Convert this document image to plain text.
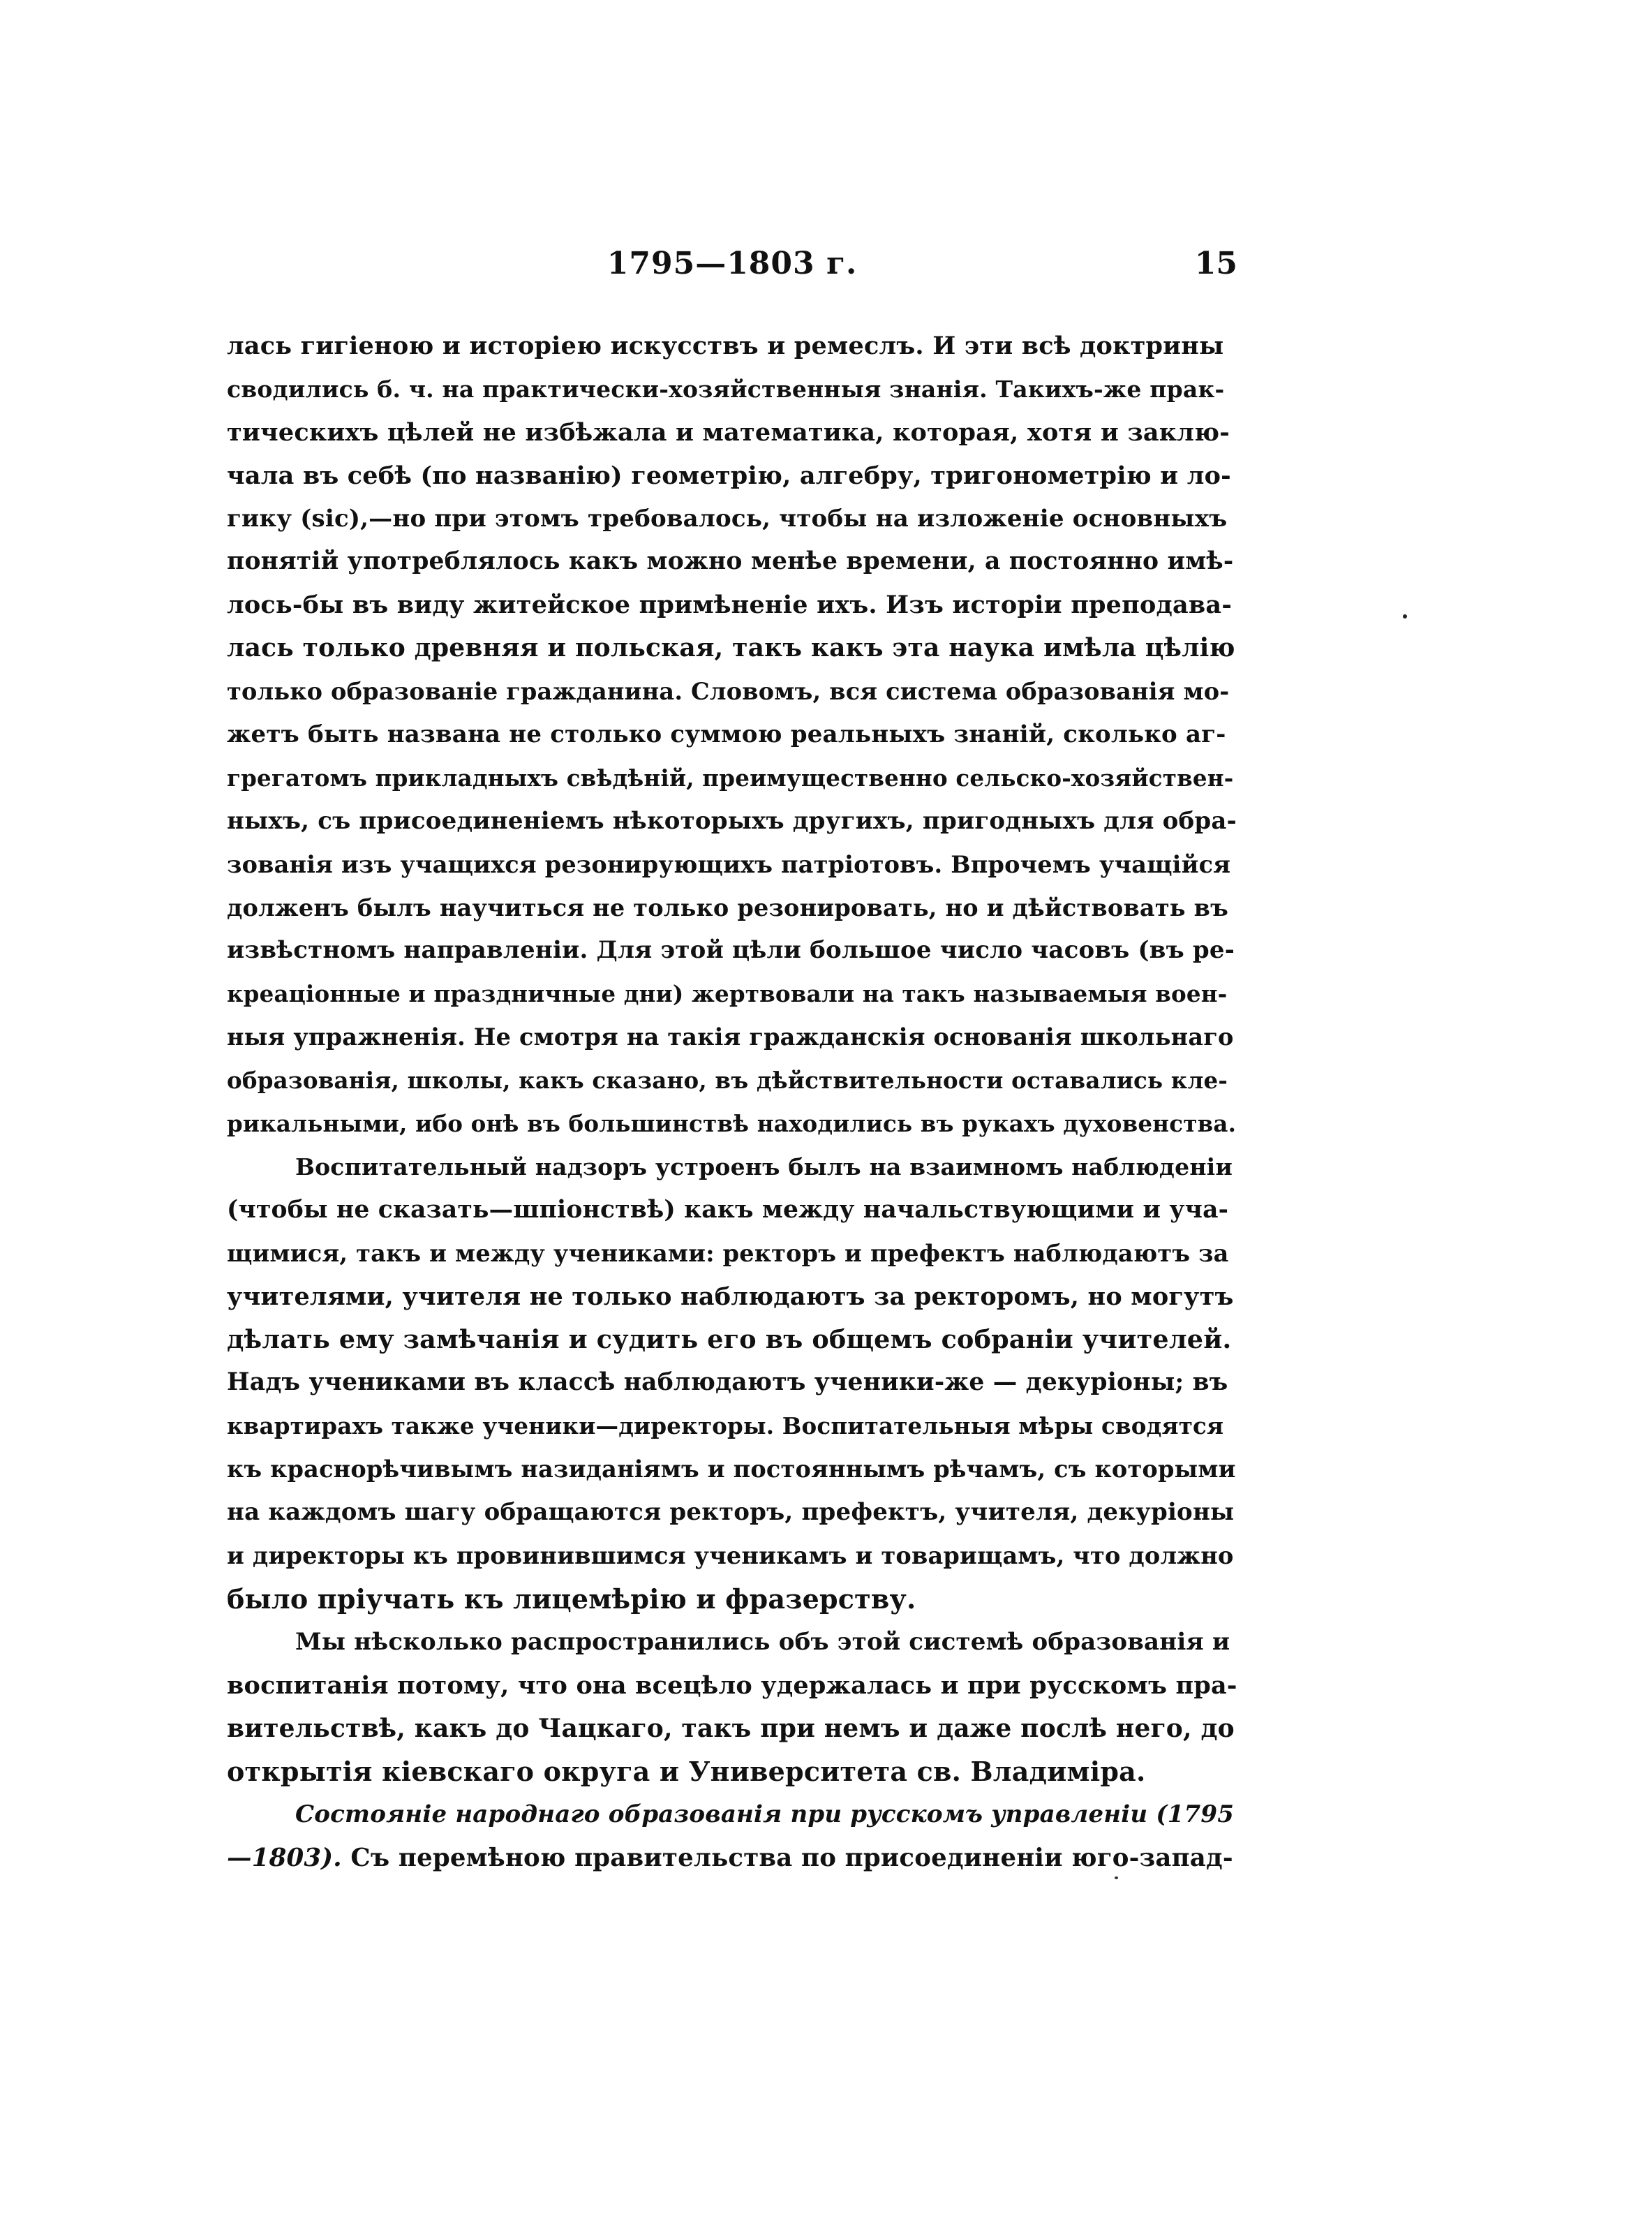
1795—1803 г.	15
лась гигіеною и исторіею искусствъ и ремеслъ. И эти всѣ доктрины
сводились б. ч. на практически-хозяйственныя знанія. Такихъ-же прак-
тическихъ цѣлей не избѣжала и математика, которая, хотя и заклю-
чала въ себѣ (по названію) геометрію, алгебру, тригонометрію и ло-
гику (sic),—но при этомъ требовалось, чтобы на изложеніе основныхъ
понятій употреблялось какъ можно менѣе времени, а постоянно имѣ-
лось-бы въ виду житейское примѣненіе ихъ. Изъ исторіи преподава-
лась только древняя и польская, такъ какъ эта наука имѣла цѣлію
только образованіе гражданина. Словомъ, вся система образованія мо-
жетъ быть названа не столько суммою реальныхъ знаній, сколько аг-
грегатомъ прикладныхъ свѣдѣній, преимущественно сельско-хозяйствен-
ныхъ, съ присоединеніемъ нѣкоторыхъ другихъ, пригодныхъ для обра-
зованія изъ учащихся резонирующихъ патріотовъ. Впрочемъ учащійся
долженъ былъ научиться не только резонировать, но и дѣйствовать въ
извѣстномъ направленіи. Для этой цѣли большое число часовъ (въ ре-
креаціонные и праздничные дни) жертвовали на такъ называемыя воен-
ныя упражненія. Не смотря на такія гражданскія основанія школьнаго
образованія, школы, какъ сказано, въ дѣйствительности оставались кле-
рикальными, ибо онѣ въ большинствѣ находились въ рукахъ духовенства.
Воспитательный надзоръ устроенъ былъ на взаимномъ наблюденіи
(чтобы не сказать—шпіонствѣ) какъ между начальствующими и уча-
щимися, такъ и между учениками: ректоръ и префектъ наблюдаютъ за
учителями, учителя не только наблюдаютъ за ректоромъ, но могутъ
дѣлать ему замѣчанія и судить его въ общемъ собраніи учителей.
Надъ учениками въ классѣ наблюдаютъ ученики-же — декуріоны; въ
квартирахъ также ученики—директоры. Воспитательныя мѣры сводятся
къ краснорѣчивымъ назиданіямъ и постояннымъ рѣчамъ, съ которыми
на каждомъ шагу обращаются ректоръ, префектъ, учителя, декуріоны
и директоры къ провинившимся ученикамъ и товарищамъ, что должно
было пріучать къ лицемѣрію и фразерству.
Мы нѣсколько распространились объ этой системѣ образованія и
воспитанія потому, что она всецѣло удержалась и при русскомъ пра-
вительствѣ, какъ до Чацкаго, такъ при немъ и даже послѣ него, до
открытія кіевскаго округа и Университета св. Владиміра.
Состояніе народнаго образованія при русскомъ управленіи (1795
—1803). Съ перемѣною правительства по присоединеніи юго-запад-
